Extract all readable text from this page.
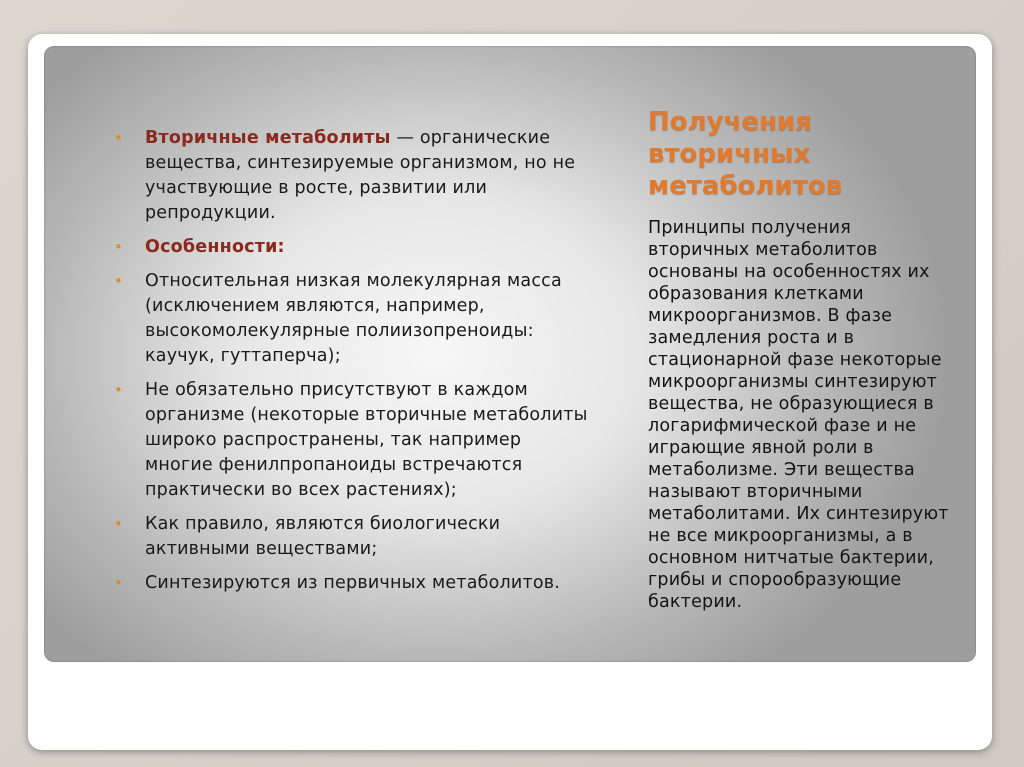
• Вторичные метаболиты — органические вещества, синтезируемые организмом, но не участвующие в росте, развитии или репродукции.
• Особенности:
• Относительная низкая молекулярная масса (исключением являются, например, высокомолекулярные полиизопреноиды: каучук, гуттаперча);
• Не обязательно присутствуют в каждом организме (некоторые вторичные метаболиты широко распространены, так например многие фенилпропаноиды встречаются практически во всех растениях);
• Как правило, являются биологически активными веществами;
• Синтезируются из первичных метаболитов.
Получения вторичных метаболитов

Принципы получения вторичных метаболитов основаны на особенностях их образования клетками микроорганизмов. В фазе замедления роста и в стационарной фазе некоторые микроорганизмы синтезируют вещества, не образующиеся в логарифмической фазе и не играющие явной роли в метаболизме. Эти вещества называют вторичными метаболитами. Их синтезируют не все микроорганизмы, а в основном нитчатые бактерии, грибы и спорообразующие бактерии.
